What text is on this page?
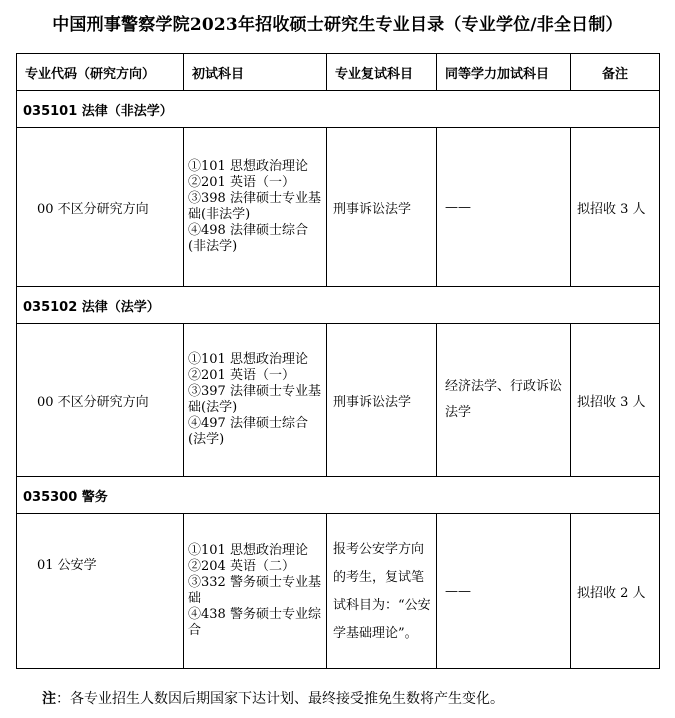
中国刑事警察学院2023年招收硕士研究生专业目录（专业学位/非全日制）
专业代码（研究方向）	初试科目	专业复试科目	同等学力加试科目	备注
035101 法律（非法学）				
00 不区分研究方向	①101 思想政治理论
②201 英语（一）
③398 法律硕士专业基础(非法学)
④498 法律硕士综合(非法学)	刑事诉讼法学	——	拟招收 3 人
035102 法律（法学）				
00 不区分研究方向	①101 思想政治理论
②201 英语（一）
③397 法律硕士专业基础(法学)
④497 法律硕士综合(法学)	刑事诉讼法学	经济法学、行政诉讼法学	拟招收 3 人
035300 警务				
01 公安学	①101 思想政治理论
②204 英语（二）
③332 警务硕士专业基础
④438 警务硕士专业综合	报考公安学方向的考生，复试笔试科目为：“公安学基础理论”。	——	拟招收 2 人
注：各专业招生人数因后期国家下达计划、最终接受推免生数将产生变化。
